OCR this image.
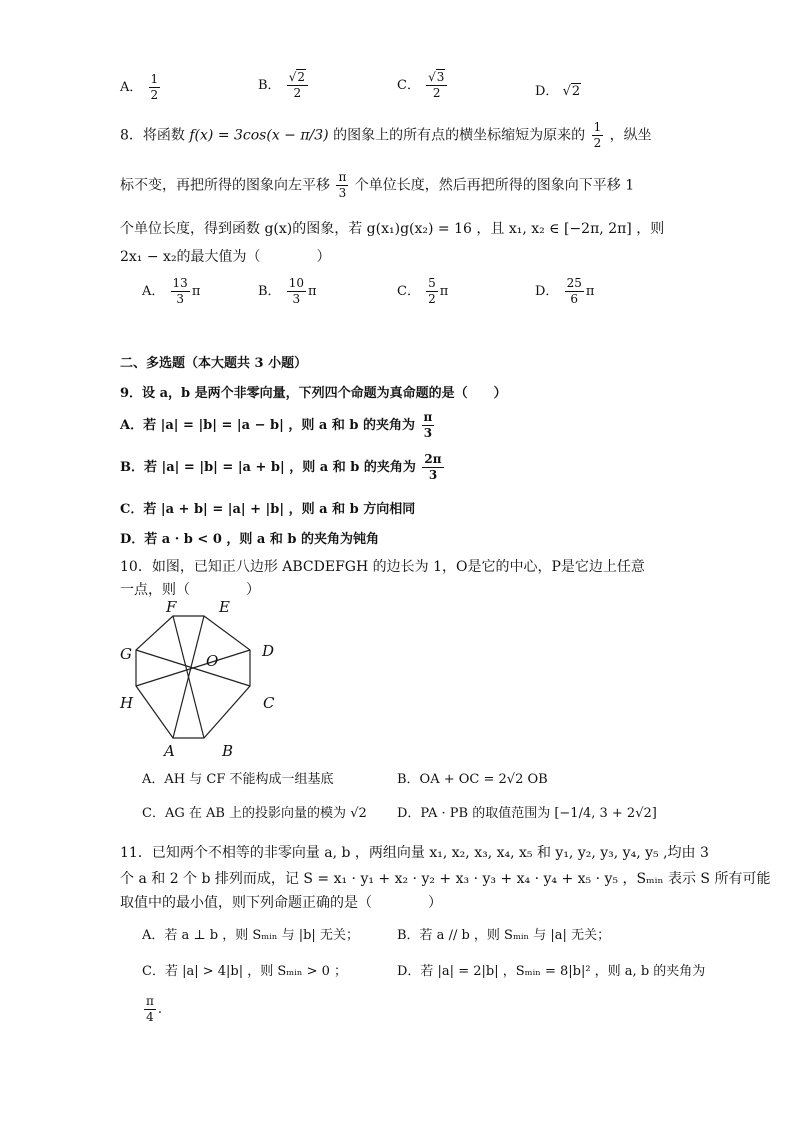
A． $\frac{1}{2}$	B． $\frac{√2}{2}$	C． $\frac{√3}{2}$	D． √2
8．将函数 f(x) = 3cos(x − π/3) 的图象上的所有点的横坐标缩短为原来的 $\frac{1}{2}$ ，纵坐
标不变，再把所得的图象向左平移 $\frac{\pi}{3}$ 个单位长度，然后再把所得的图象向下平移 1
个单位长度，得到函数 g(x)的图象，若 g(x₁)g(x₂) = 16 ，且 x₁, x₂ ∈ [−2π, 2π] ，则
2x₁ − x₂的最大值为（　　　　）
A． $\frac{13}{3}$ π	B． $\frac{10}{3}$ π	C． $\frac{5}{2}$ π	D． $\frac{25}{6}$ π
二、多选题（本大题共 3 小题）
9．设 a，b 是两个非零向量，下列四个命题为真命题的是（　　）
A．若 |a| = |b| = |a − b| ，则 a 和 b 的夹角为 $\frac{\pi}{3}$
B．若 |a| = |b| = |a + b| ，则 a 和 b 的夹角为 $\frac{2\pi}{3}$
C．若 |a + b| = |a| + |b| ，则 a 和 b 方向相同
D．若 a · b < 0 ，则 a 和 b 的夹角为钝角
10．如图，已知正八边形 ABCDEFGH 的边长为 1，O是它的中心，P是它边上任意
一点，则（　　　　）
F	E
D
C
B
A
H
G	O
A．AH 与 CF 不能构成一组基底	B．OA + OC = 2√2 OB
C．AG 在 AB 上的投影向量的模为 √2 D．PA · PB 的取值范围为 [−1/4, 3 + 2√2]
11．已知两个不相等的非零向量 a, b ，两组向量 x₁, x₂, x₃, x₄, x₅ 和 y₁, y₂, y₃, y₄, y₅ ,均由 3
个 a 和 2 个 b 排列而成，记 S = x₁ · y₁ + x₂ · y₂ + x₃ · y₃ + x₄ · y₄ + x₅ · y₅ ，Sₘᵢₙ 表示 S 所有可能
取值中的最小值，则下列命题正确的是（　　　　）
A．若 a ⊥ b ，则 Sₘᵢₙ 与 |b| 无关；	B．若 a // b ，则 Sₘᵢₙ 与 |a| 无关；
C．若 |a| > 4|b| ，则 Sₘᵢₙ > 0 ；	D．若 |a| = 2|b| ，Sₘᵢₙ = 8|b|² ，则 a, b 的夹角为
$\frac{\pi}{4}$ .
